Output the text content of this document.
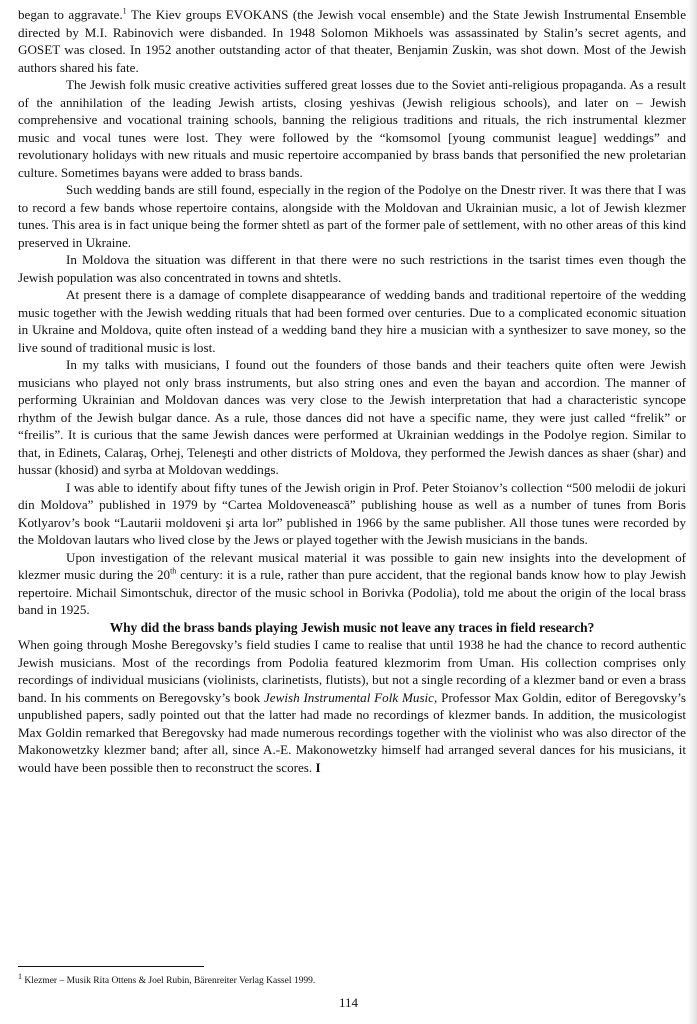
began to aggravate.$^1$ The Kiev groups EVOKANS (the Jewish vocal ensemble) and the State Jewish Instrumental Ensemble directed by M.I. Rabinovich were disbanded. In 1948 Solomon Mikhoels was assassinated by Stalin’s secret agents, and GOSET was closed. In 1952 another outstanding actor of that theater, Benjamin Zuskin, was shot down. Most of the Jewish authors shared his fate.

The Jewish folk music creative activities suffered great losses due to the Soviet anti-religious propaganda. As a result of the annihilation of the leading Jewish artists, closing yeshivas (Jewish religious schools), and later on – Jewish comprehensive and vocational training schools, banning the religious traditions and rituals, the rich instrumental klezmer music and vocal tunes were lost. They were followed by the “komsomol [young communist league] weddings” and revolutionary holidays with new rituals and music repertoire accompanied by brass bands that personified the new proletarian culture. Sometimes bayans were added to brass bands.

Such wedding bands are still found, especially in the region of the Podolye on the Dnestr river. It was there that I was to record a few bands whose repertoire contains, alongside with the Moldovan and Ukrainian music, a lot of Jewish klezmer tunes. This area is in fact unique being the former shtetl as part of the former pale of settlement, with no other areas of this kind preserved in Ukraine.

In Moldova the situation was different in that there were no such restrictions in the tsarist times even though the Jewish population was also concentrated in towns and shtetls.

At present there is a damage of complete disappearance of wedding bands and traditional repertoire of the wedding music together with the Jewish wedding rituals that had been formed over centuries. Due to a complicated economic situation in Ukraine and Moldova, quite often instead of a wedding band they hire a musician with a synthesizer to save money, so the live sound of traditional music is lost.

In my talks with musicians, I found out the founders of those bands and their teachers quite often were Jewish musicians who played not only brass instruments, but also string ones and even the bayan and accordion. The manner of performing Ukrainian and Moldovan dances was very close to the Jewish interpretation that had a characteristic syncope rhythm of the Jewish bulgar dance. As a rule, those dances did not have a specific name, they were just called “frelik” or “freilis”. It is curious that the same Jewish dances were performed at Ukrainian weddings in the Podolye region. Similar to that, in Edinets, Calaraş, Orhej, Teleneşti and other districts of Moldova, they performed the Jewish dances as shaer (shar) and hussar (khosid) and syrba at Moldovan weddings.

I was able to identify about fifty tunes of the Jewish origin in Prof. Peter Stoianov’s collection “500 melodii de jokuri din Moldova” published in 1979 by “Cartea Moldovenească” publishing house as well as a number of tunes from Boris Kotlyarov’s book “Lautarii moldoveni şi arta lor” published in 1966 by the same publisher. All those tunes were recorded by the Moldovan lautars who lived close by the Jews or played together with the Jewish musicians in the bands.

Upon investigation of the relevant musical material it was possible to gain new insights into the development of klezmer music during the 20th century: it is a rule, rather than pure accident, that the regional bands know how to play Jewish repertoire. Michail Simontschuk, director of the music school in Borivka (Podolia), told me about the origin of the local brass band in 1925.

Why did the brass bands playing Jewish music not leave any traces in field research?

When going through Moshe Beregovsky’s field studies I came to realise that until 1938 he had the chance to record authentic Jewish musicians. Most of the recordings from Podolia featured klezmorim from Uman. His collection comprises only recordings of individual musicians (violinists, clarinetists, flutists), but not a single recording of a klezmer band or even a brass band. In his comments on Beregovsky’s book Jewish Instrumental Folk Music, Professor Max Goldin, editor of Beregovsky’s unpublished papers, sadly pointed out that the latter had made no recordings of klezmer bands. In addition, the musicologist Max Goldin remarked that Beregovsky had made numerous recordings together with the violinist who was also director of the Makonowetzky klezmer band; after all, since A.-E. Makonowetzky himself had arranged several dances for his musicians, it would have been possible then to reconstruct the scores. I

$^1$ Klezmer – Musik Rita Ottens & Joel Rubin, Bärenreiter Verlag Kassel 1999.
114
